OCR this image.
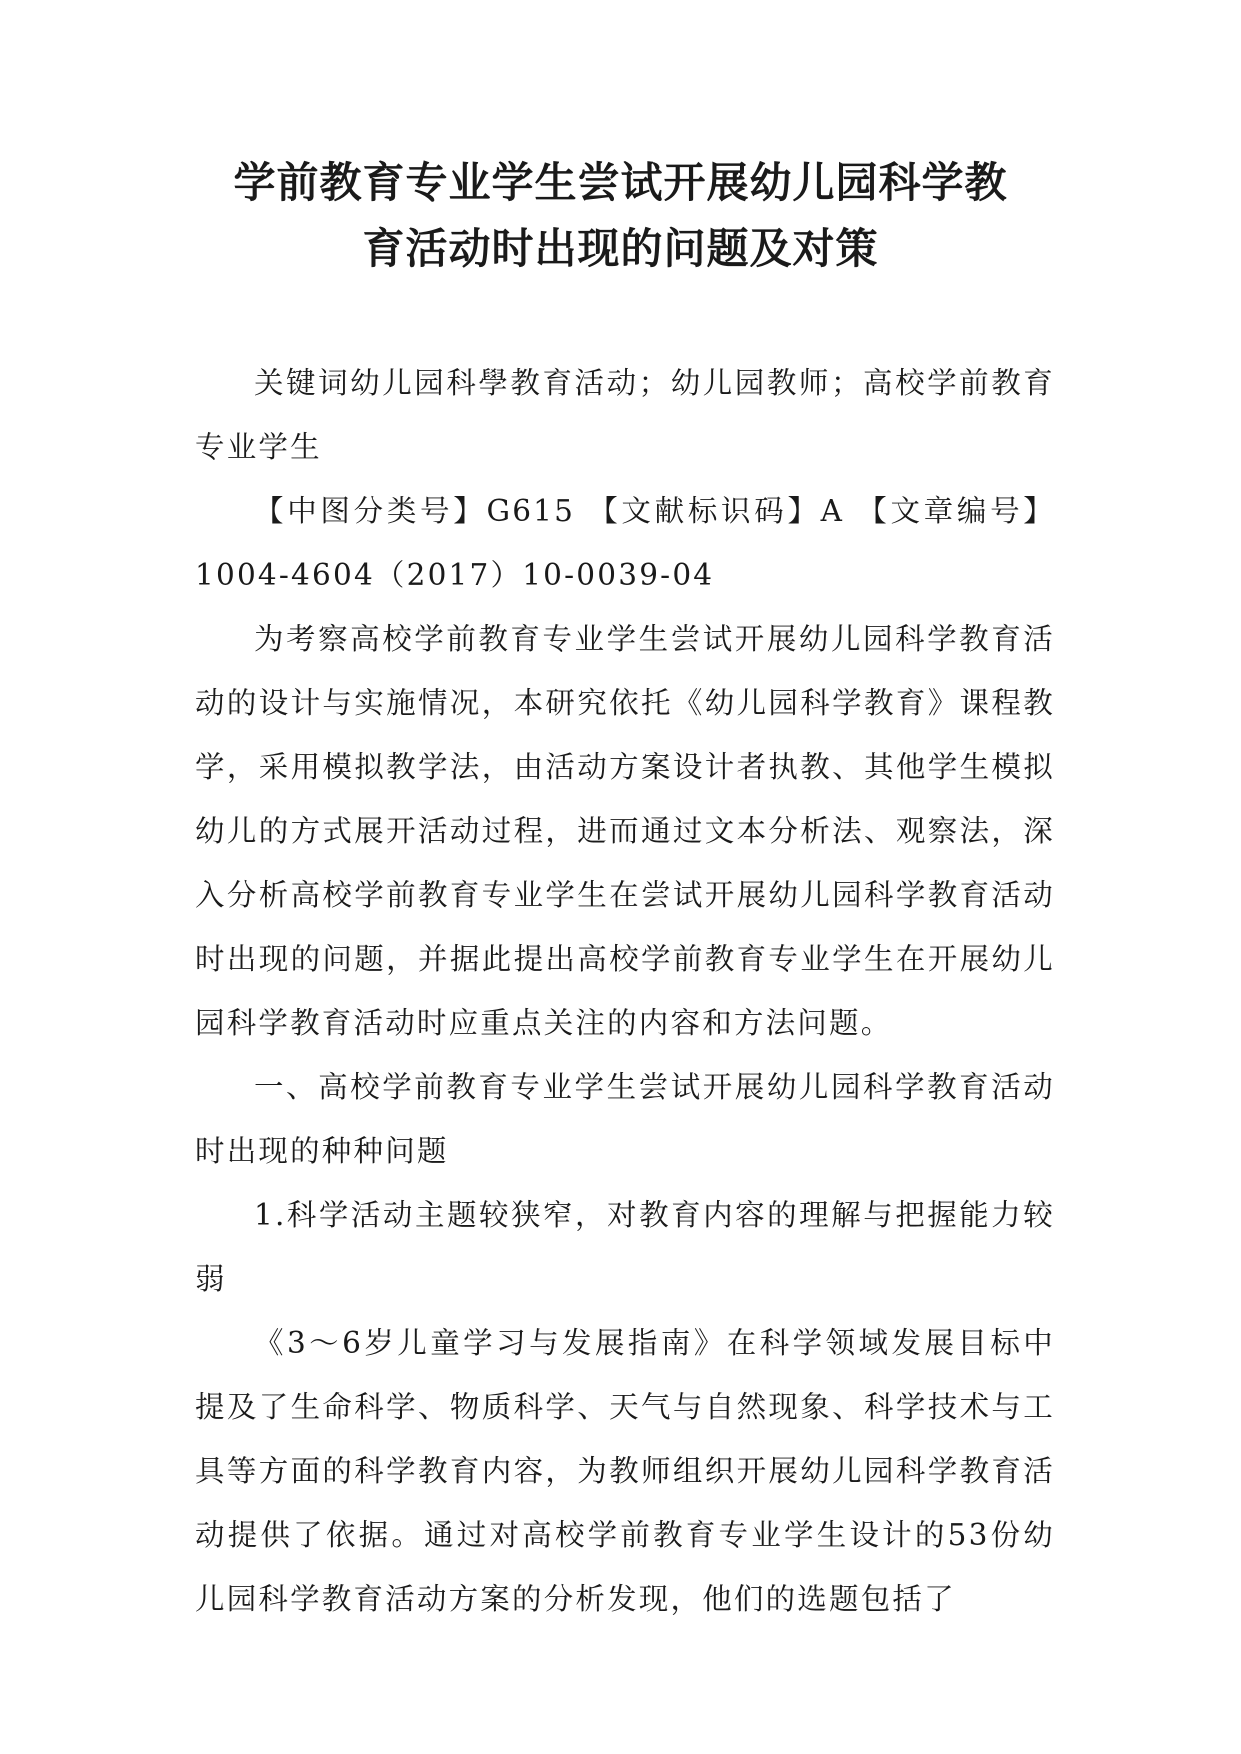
学前教育专业学生尝试开展幼儿园科学教
育活动时出现的问题及对策

关键词幼儿园科學教育活动；幼儿园教师；高校学前教育专业学生

【中图分类号】G615 【文献标识码】A 【文章编号】1004-4604（2017）10-0039-04

为考察高校学前教育专业学生尝试开展幼儿园科学教育活动的设计与实施情况，本研究依托《幼儿园科学教育》课程教学，采用模拟教学法，由活动方案设计者执教、其他学生模拟幼儿的方式展开活动过程，进而通过文本分析法、观察法，深入分析高校学前教育专业学生在尝试开展幼儿园科学教育活动时出现的问题，并据此提出高校学前教育专业学生在开展幼儿园科学教育活动时应重点关注的内容和方法问题。

一、高校学前教育专业学生尝试开展幼儿园科学教育活动时出现的种种问题

1.科学活动主题较狭窄，对教育内容的理解与把握能力较弱

《3～6岁儿童学习与发展指南》在科学领域发展目标中提及了生命科学、物质科学、天气与自然现象、科学技术与工具等方面的科学教育内容，为教师组织开展幼儿园科学教育活动提供了依据。通过对高校学前教育专业学生设计的53份幼儿园科学教育活动方案的分析发现，他们的选题包括了
